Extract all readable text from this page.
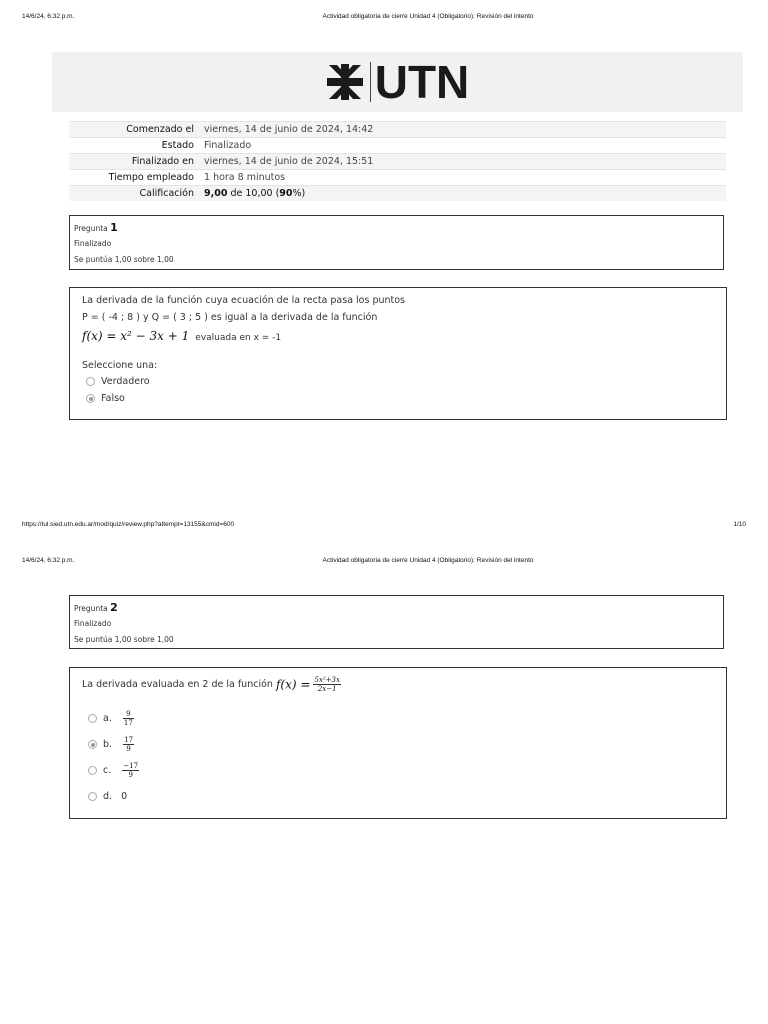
14/6/24, 6:32 p.m.	Actividad obligatoria de cierre Unidad 4 (Obligatorio): Revisión del intento
UTN
Comenzado el	viernes, 14 de junio de 2024, 14:42
Estado	Finalizado
Finalizado en	viernes, 14 de junio de 2024, 15:51
Tiempo empleado	1 hora 8 minutos
Calificación	9,00 de 10,00 (90%)
Pregunta 1
Finalizado
Se puntúa 1,00 sobre 1,00
La derivada de la función cuya ecuación de la recta pasa los puntos
P = ( -4 ; 8 ) y Q = ( 3 ; 5 ) es igual a la derivada de la función
f(x) = x² − 3x + 1 evaluada en x = -1
Seleccione una:
Verdadero
Falso
https://tul.sied.utn.edu.ar/mod/quiz/review.php?attempt=13155&cmid=600	1/10
14/6/24, 6:32 p.m.	Actividad obligatoria de cierre Unidad 4 (Obligatorio): Revisión del intento
Pregunta 2
Finalizado
Se puntúa 1,00 sobre 1,00
La derivada evaluada en 2 de la función $f(x) = \frac{\text{5x²+3x}}{2x-1}$
a. $\frac{9}{17}$
b. $\frac{17}{9}$
c. $\frac{-17}{9}$
d. 0
